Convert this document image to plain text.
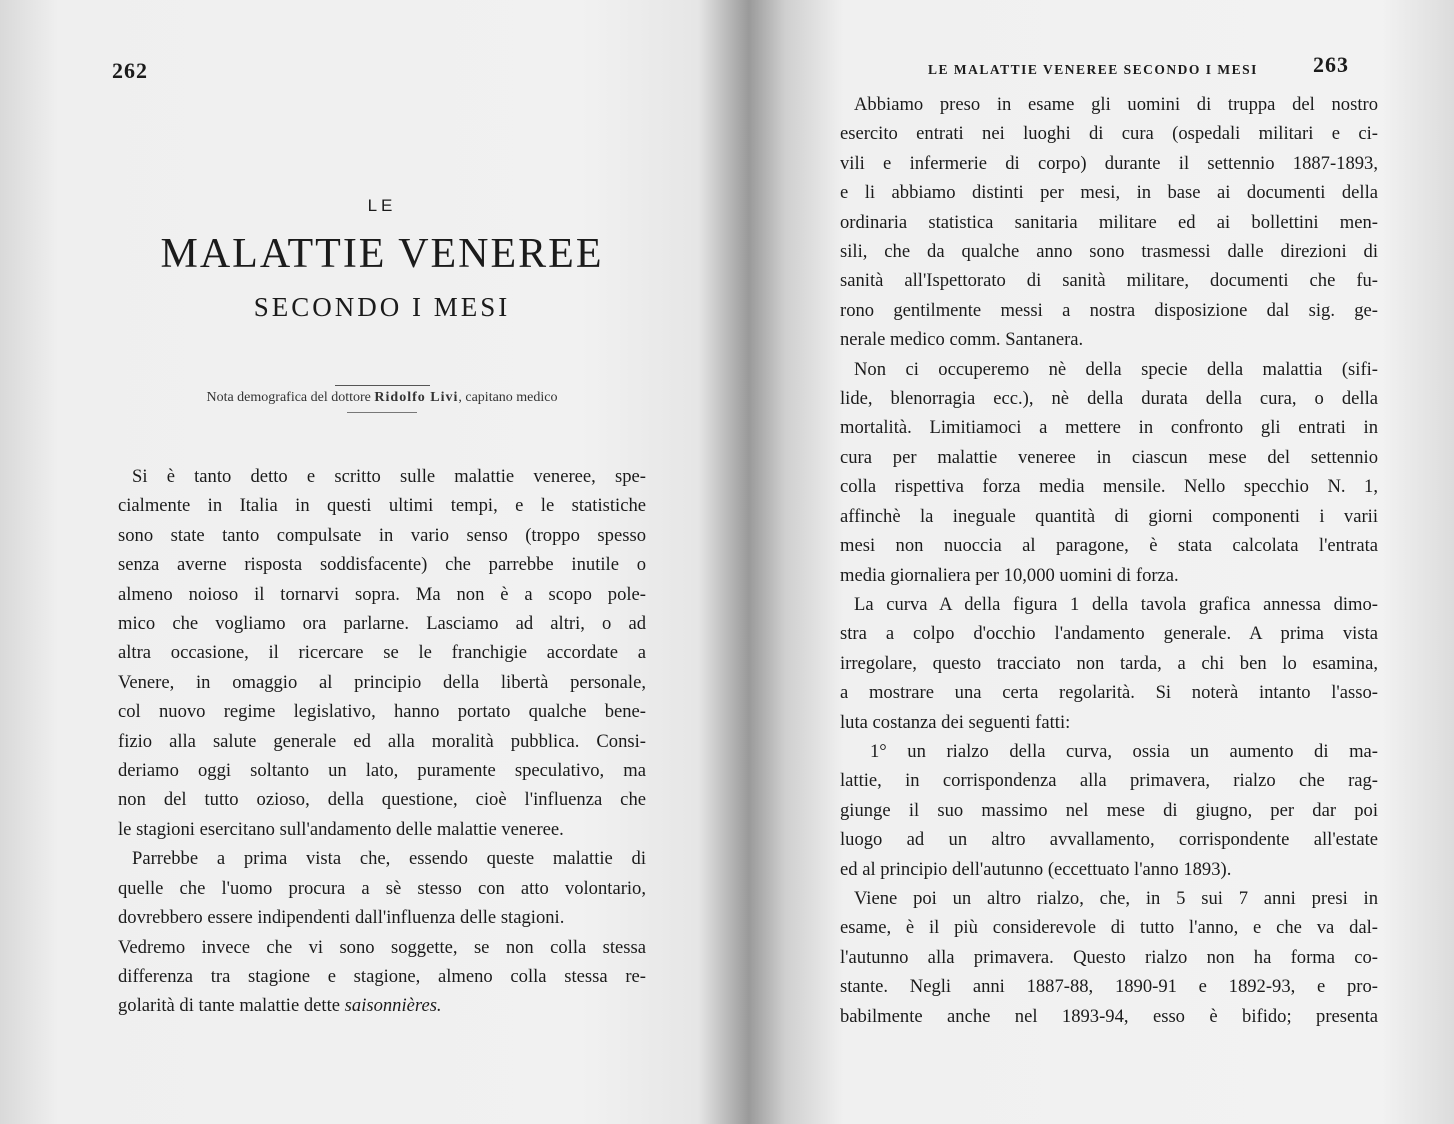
262
LE
MALATTIE VENEREE
SECONDO I MESI
Nota demografica del dottore Ridolfo Livi, capitano medico
Si è tanto detto e scritto sulle malattie veneree, spe-
cialmente in Italia in questi ultimi tempi, e le statistiche
sono state tanto compulsate in vario senso (troppo spesso
senza averne risposta soddisfacente) che parrebbe inutile o
almeno noioso il tornarvi sopra. Ma non è a scopo pole-
mico che vogliamo ora parlarne. Lasciamo ad altri, o ad
altra occasione, il ricercare se le franchigie accordate a
Venere, in omaggio al principio della libertà personale,
col nuovo regime legislativo, hanno portato qualche bene-
fizio alla salute generale ed alla moralità pubblica. Consi-
deriamo oggi soltanto un lato, puramente speculativo, ma
non del tutto ozioso, della questione, cioè l'influenza che
le stagioni esercitano sull'andamento delle malattie veneree.
Parrebbe a prima vista che, essendo queste malattie di
quelle che l'uomo procura a sè stesso con atto volontario,
dovrebbero essere indipendenti dall'influenza delle stagioni.
Vedremo invece che vi sono soggette, se non colla stessa
differenza tra stagione e stagione, almeno colla stessa re-
golarità di tante malattie dette saisonnières.
LE MALATTIE VENEREE SECONDO I MESI	263
Abbiamo preso in esame gli uomini di truppa del nostro
esercito entrati nei luoghi di cura (ospedali militari e ci-
vili e infermerie di corpo) durante il settennio 1887-1893,
e li abbiamo distinti per mesi, in base ai documenti della
ordinaria statistica sanitaria militare ed ai bollettini men-
sili, che da qualche anno sono trasmessi dalle direzioni di
sanità all'Ispettorato di sanità militare, documenti che fu-
rono gentilmente messi a nostra disposizione dal sig. ge-
nerale medico comm. Santanera.
Non ci occuperemo nè della specie della malattia (sifi-
lide, blenorragia ecc.), nè della durata della cura, o della
mortalità. Limitiamoci a mettere in confronto gli entrati in
cura per malattie veneree in ciascun mese del settennio
colla rispettiva forza media mensile. Nello specchio N. 1,
affinchè la ineguale quantità di giorni componenti i varii
mesi non nuoccia al paragone, è stata calcolata l'entrata
media giornaliera per 10,000 uomini di forza.
La curva A della figura 1 della tavola grafica annessa dimo-
stra a colpo d'occhio l'andamento generale. A prima vista
irregolare, questo tracciato non tarda, a chi ben lo esamina,
a mostrare una certa regolarità. Si noterà intanto l'asso-
luta costanza dei seguenti fatti:
1° un rialzo della curva, ossia un aumento di ma-
lattie, in corrispondenza alla primavera, rialzo che rag-
giunge il suo massimo nel mese di giugno, per dar poi
luogo ad un altro avvallamento, corrispondente all'estate
ed al principio dell'autunno (eccettuato l'anno 1893).
Viene poi un altro rialzo, che, in 5 sui 7 anni presi in
esame, è il più considerevole di tutto l'anno, e che va dal-
l'autunno alla primavera. Questo rialzo non ha forma co-
stante. Negli anni 1887-88, 1890-91 e 1892-93, e pro-
babilmente anche nel 1893-94, esso è bifido; presenta
